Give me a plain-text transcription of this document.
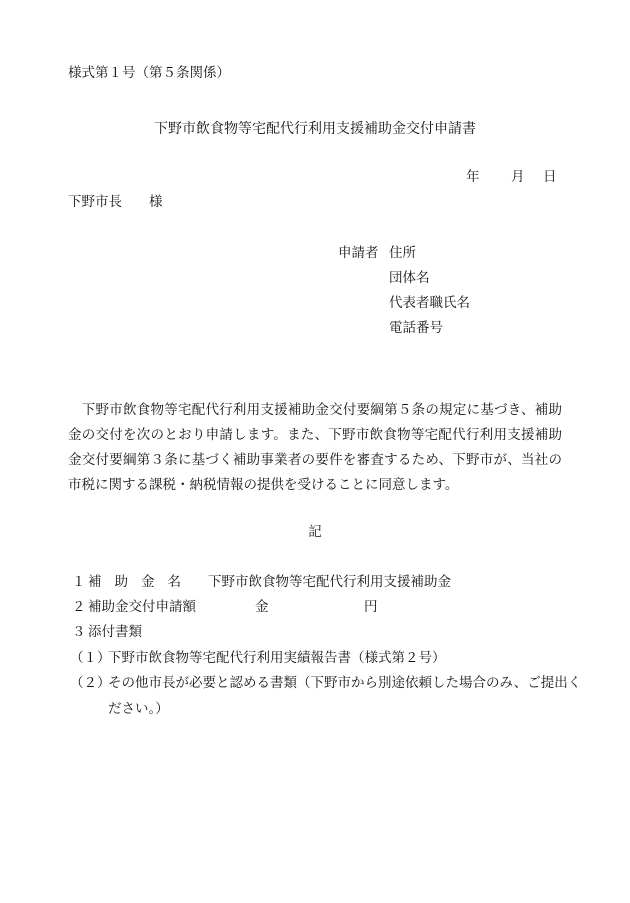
様式第１号（第５条関係）
下野市飲食物等宅配代行利用支援補助金交付申請書
年 月 日
下野市長　　様
申請者 住所
団体名
代表者職氏名
電話番号
　下野市飲食物等宅配代行利用支援補助金交付要綱第５条の規定に基づき、補助金の交付を次のとおり申請します。また、下野市飲食物等宅配代行利用支援補助金交付要綱第３条に基づく補助事業者の要件を審査するため、下野市が、当社の市税に関する課税・納税情報の提供を受けることに同意します。
記
１ 補助金名 下野市飲食物等宅配代行利用支援補助金
２ 補助金交付申請額	金	円
３ 添付書類
（１）
下野市飲食物等宅配代行利用実績報告書（様式第２号）
（２）
その他市長が必要と認める書類（下野市から別途依頼した場合のみ、ご提出く
ださい。）
